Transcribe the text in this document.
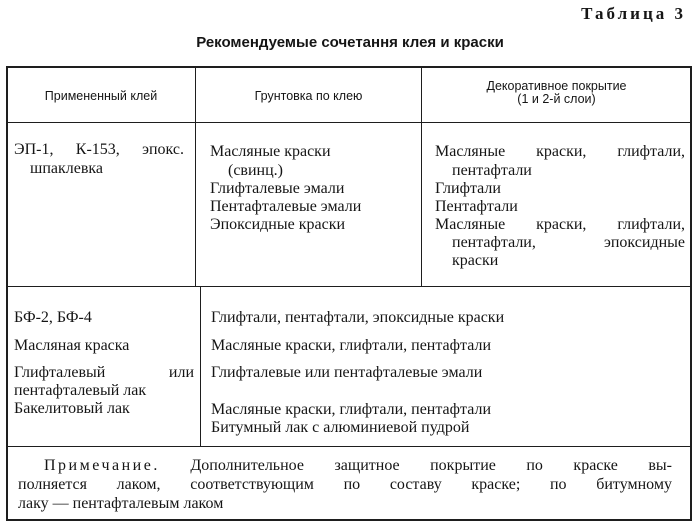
Таблица 3
Рекомендуемые сочетання клея и краски
Примененный клей	Грунтовка по клею
Декоративное покрытие
(1 и 2-й слои)
ЭП-1, К-153, эпокс.
шпаклевка
Масляные краски
(свинц.)
Глифталевые эмали
Пентафталевые эмали
Эпоксидные краски
Масляные краски, глифтали,
пентафтали
Глифтали
Пентафтали
Масляные краски, глифтали,
пентафтали, эпоксидные
краски
БФ-2, БФ-4
Масляная краска
Глифталевый или
пентафталевый лак
Бакелитовый лак
Глифтали, пентафтали, эпоксидные краски
Масляные краски, глифтали, пентафтали
Глифталевые или пентафталевые эмали
Масляные краски, глифтали, пентафтали
Битумный лак с алюминиевой пудрой
Примечание. Дополнительное защитное покрытие по краске вы-
полняется лаком, соответствующим по составу краске; по битумному
лаку — пентафталевым лаком
